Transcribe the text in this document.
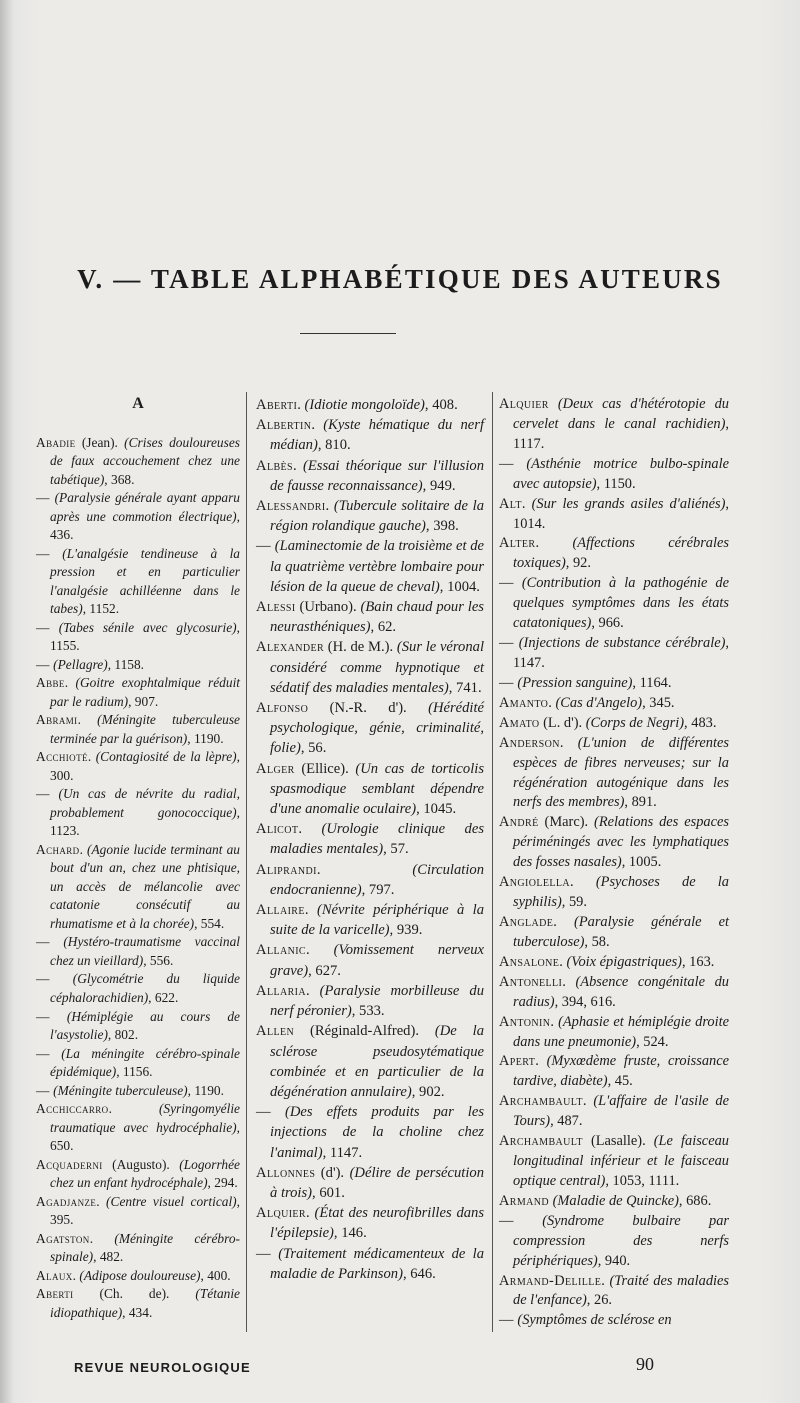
V. — TABLE ALPHABÉTIQUE DES AUTEURS
A

Abadie (Jean). (Crises douloureuses de faux accouchement chez une tabétique), 368.

— (Paralysie générale ayant apparu après une commotion électrique), 436.

— (L'analgésie tendineuse à la pression et en particulier l'analgésie achilléenne dans le tabes), 1152.

— (Tabes sénile avec glycosurie), 1155.

— (Pellagre), 1158.

Abbe. (Goitre exophtalmique réduit par le radium), 907.

Abrami. (Méningite tuberculeuse terminée par la guérison), 1190.

Acchioté. (Contagiosité de la lèpre), 300.

— (Un cas de névrite du radial, probablement gonococcique), 1123.

Achard. (Agonie lucide terminant au bout d'un an, chez une phtisique, un accès de mélancolie avec catatonie consécutif au rhumatisme et à la chorée), 554.

— (Hystéro-traumatisme vaccinal chez un vieillard), 556.

— (Glycométrie du liquide céphalorachidien), 622.

— (Hémiplégie au cours de l'asystolie), 802.

— (La méningite cérébro-spinale épidémique), 1156.

— (Méningite tuberculeuse), 1190.

Acchiccarro. (Syringomyélie traumatique avec hydrocéphalie), 650.

Acquaderni (Augusto). (Logorrhée chez un enfant hydrocéphale), 294.

Agadjanze. (Centre visuel cortical), 395.

Agatston. (Méningite cérébro-spinale), 482.

Alaux. (Adipose douloureuse), 400.

Aberti (Ch. de). (Tétanie idiopathique), 434.

Aberti. (Idiotie mongoloïde), 408.

Albertin. (Kyste hématique du nerf médian), 810.

Albès. (Essai théorique sur l'illusion de fausse reconnaissance), 949.

Alessandri. (Tubercule solitaire de la région rolandique gauche), 398.

— (Laminectomie de la troisième et de la quatrième vertèbre lombaire pour lésion de la queue de cheval), 1004.

Alessi (Urbano). (Bain chaud pour les neurasthéniques), 62.

Alexander (H. de M.). (Sur le véronal considéré comme hypnotique et sédatif des maladies mentales), 741.

Alfonso (N.-R. d'). (Hérédité psychologique, génie, criminalité, folie), 56.

Alger (Ellice). (Un cas de torticolis spasmodique semblant dépendre d'une anomalie oculaire), 1045.

Alicot. (Urologie clinique des maladies mentales), 57.

Aliprandi. (Circulation endocranienne), 797.

Allaire. (Névrite périphérique à la suite de la varicelle), 939.

Allanic. (Vomissement nerveux grave), 627.

Allaria. (Paralysie morbilleuse du nerf péronier), 533.

Allen (Réginald-Alfred). (De la sclérose pseudosytématique combinée et en particulier de la dégénération annulaire), 902.

— (Des effets produits par les injections de la choline chez l'animal), 1147.

Allonnes (d'). (Délire de persécution à trois), 601.

Alquier. (État des neurofibrilles dans l'épilepsie), 146.

— (Traitement médicamenteux de la maladie de Parkinson), 646.

Alquier (Deux cas d'hétérotopie du cervelet dans le canal rachidien), 1117.

— (Asthénie motrice bulbo-spinale avec autopsie), 1150.

Alt. (Sur les grands asiles d'aliénés), 1014.

Alter. (Affections cérébrales toxiques), 92.

— (Contribution à la pathogénie de quelques symptômes dans les états catatoniques), 966.

— (Injections de substance cérébrale), 1147.

— (Pression sanguine), 1164.

Amanto. (Cas d'Angelo), 345.

Amato (L. d'). (Corps de Negri), 483.

Anderson. (L'union de différentes espèces de fibres nerveuses; sur la régénération autogénique dans les nerfs des membres), 891.

André (Marc). (Relations des espaces périméningés avec les lymphatiques des fosses nasales), 1005.

Angiolella. (Psychoses de la syphilis), 59.

Anglade. (Paralysie générale et tuberculose), 58.

Ansalone. (Voix épigastriques), 163.

Antonelli. (Absence congénitale du radius), 394, 616.

Antonin. (Aphasie et hémiplégie droite dans une pneumonie), 524.

Apert. (Myxœdème fruste, croissance tardive, diabète), 45.

Archambault. (L'affaire de l'asile de Tours), 487.

Archambault (Lasalle). (Le faisceau longitudinal inférieur et le faisceau optique central), 1053, 1111.

Armand (Maladie de Quincke), 686.

— (Syndrome bulbaire par compression des nerfs périphériques), 940.

Armand-Delille. (Traité des maladies de l'enfance), 26.

— (Symptômes de sclérose en

REVUE NEUROLOGIQUE	90
